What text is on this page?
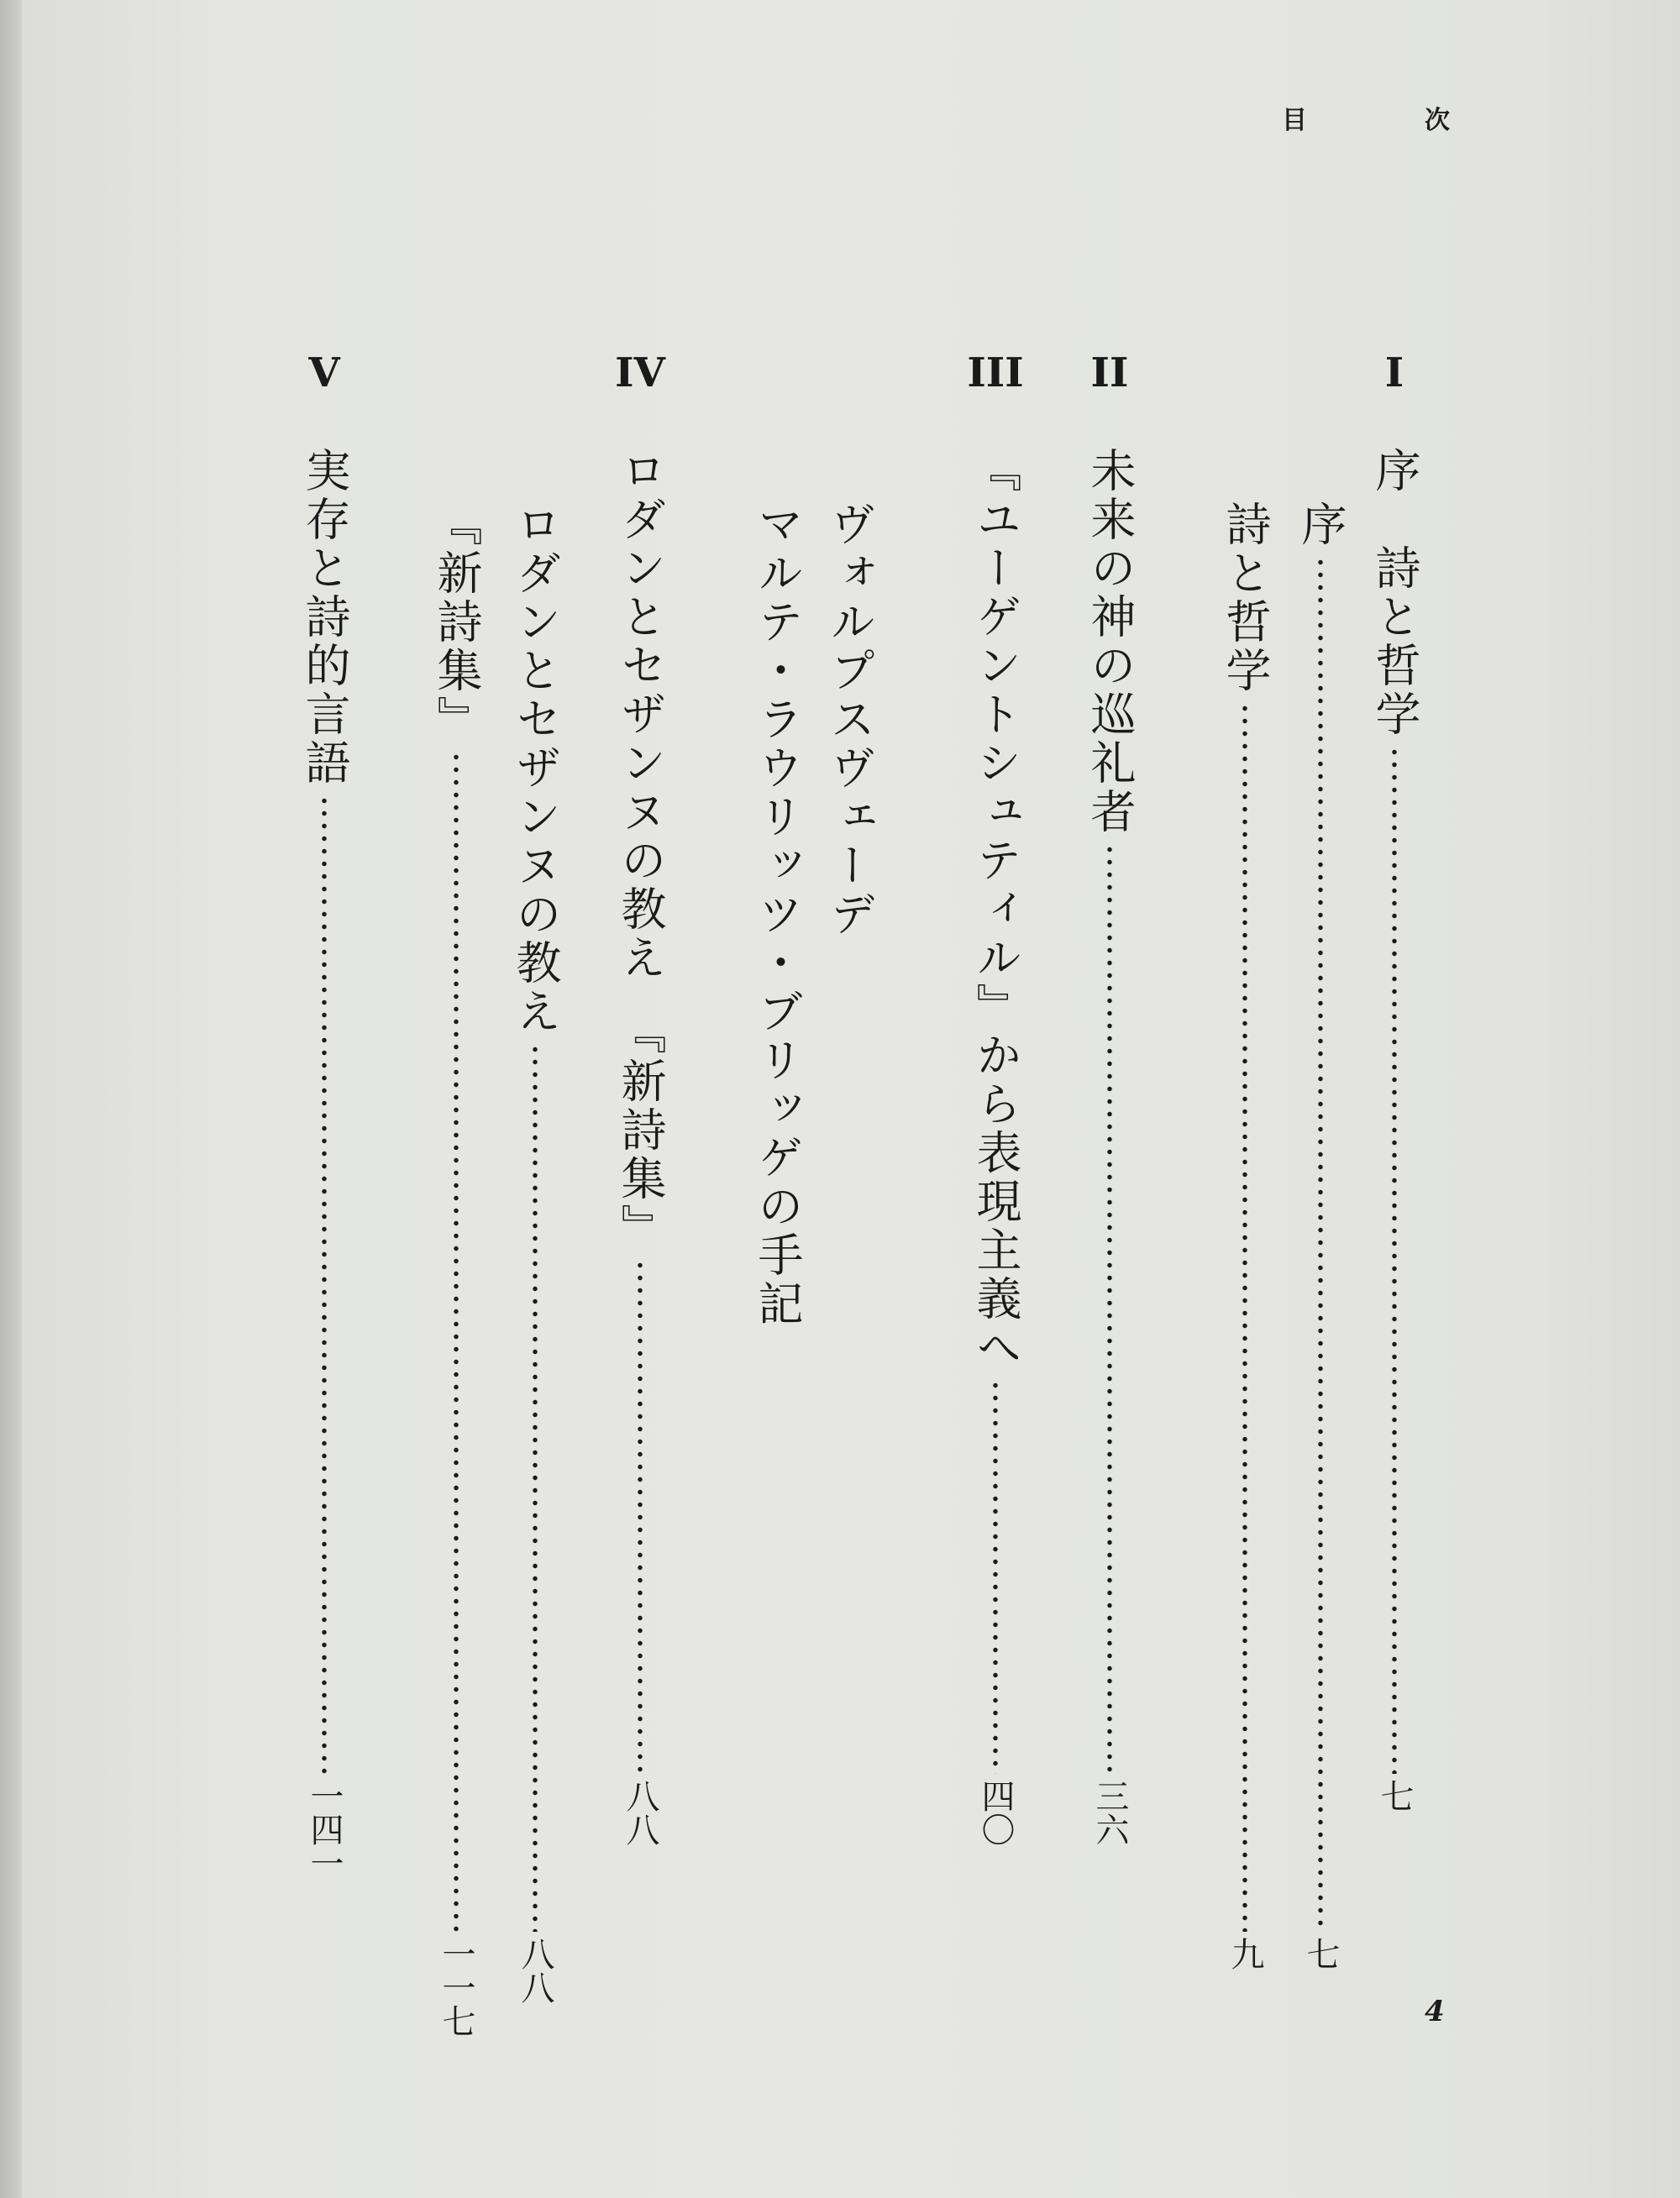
目	次
I
序　詩と哲学
七
序
七
詩と哲学
九
II
未来の神の巡礼者
三六
III
『ユーゲントシュティル』から表現主義へ
四〇
マルテ・ラウリッツ・ブリッゲの手記 ヴォルプスヴェーデ
IV
ロダンとセザンヌの教え　『新詩集』
八八
ロダンとセザンヌの教え
八八
『新詩集』
一一七
V
実存と詩的言語
一四一
4
